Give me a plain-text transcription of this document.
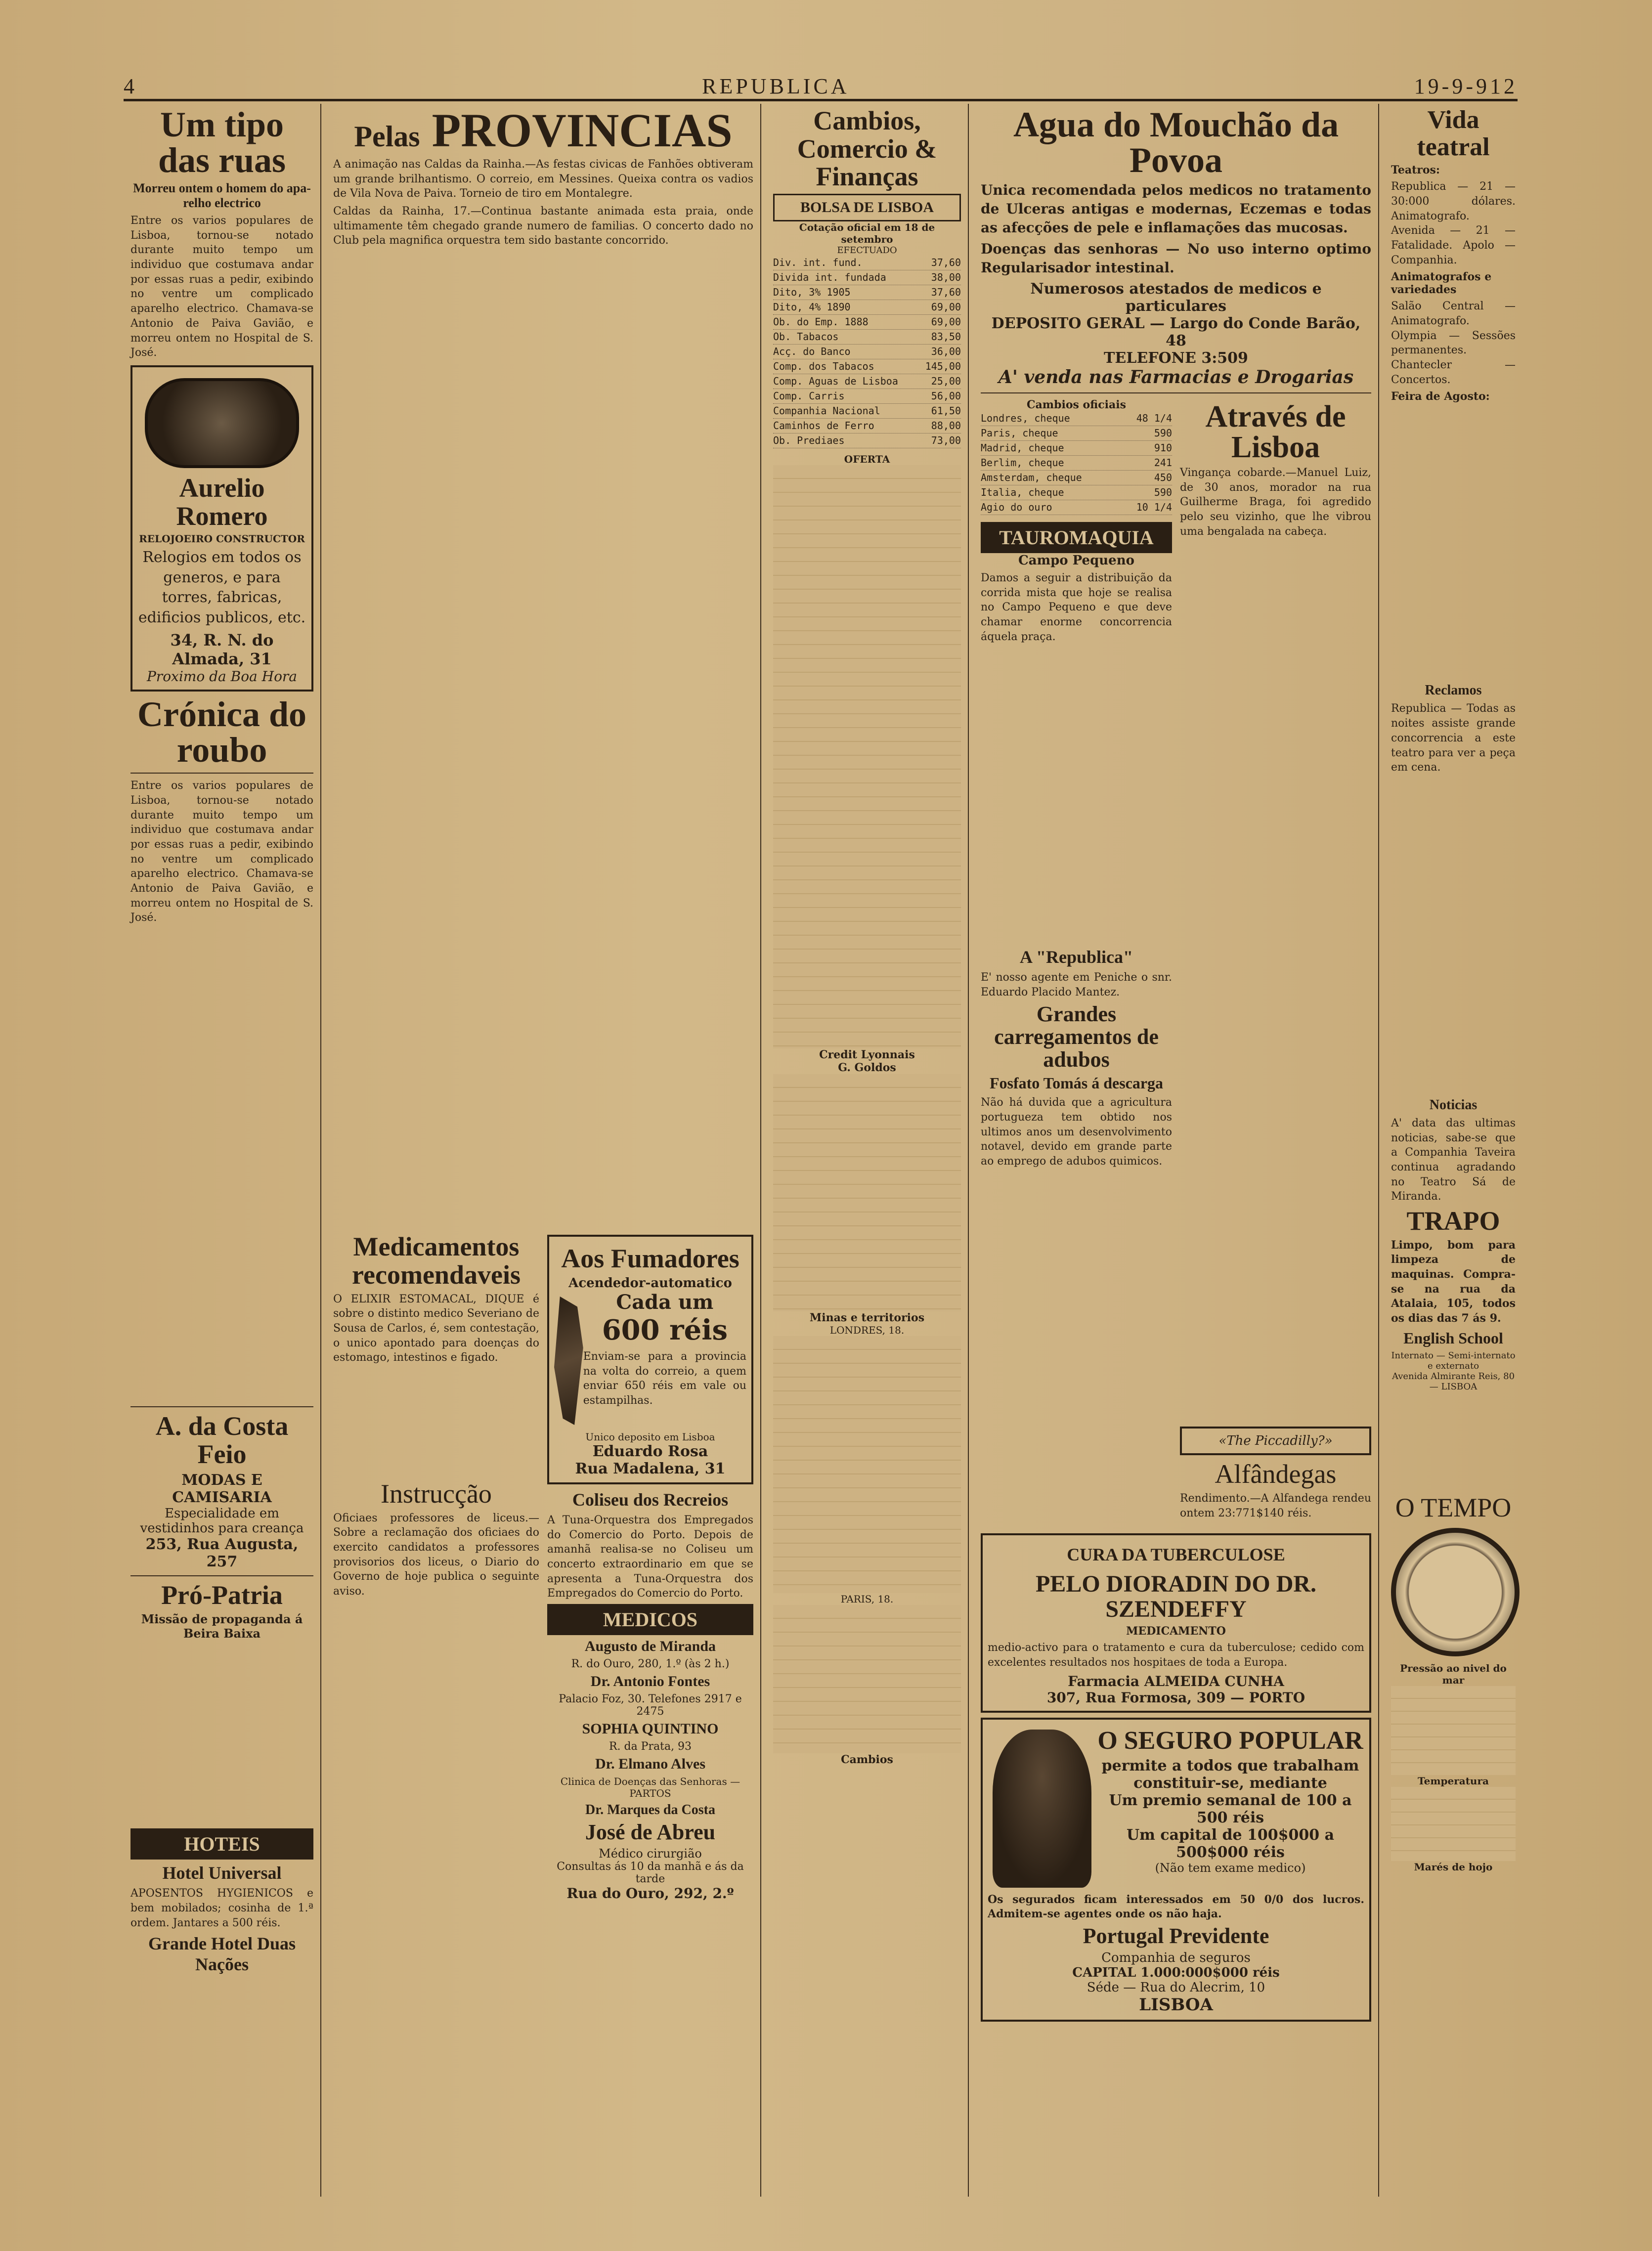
4	REPUBLICA	19-9-912
Um tipo das ruas
Morreu ontem o homem do apa-relho electrico

Entre os varios populares de Lisboa, tornou-se notado durante muito tempo um individuo que costumava andar por essas ruas a pedir, exibindo no ventre um complicado aparelho electrico. Chamava-se Antonio de Paiva Gavião, e morreu ontem no Hospital de S. José.

Aurelio Romero
RELOJOEIRO CONSTRUCTOR

Relogios em todos os generos, e para torres, fabricas, edificios publicos, etc.

34, R. N. do Almada, 31
Proximo da Boa Hora
Crónica do roubo

Entre os varios populares de Lisboa, tornou-se notado durante muito tempo um individuo que costumava andar por essas ruas a pedir, exibindo no ventre um complicado aparelho electrico. Chamava-se Antonio de Paiva Gavião, e morreu ontem no Hospital de S. José.

A. da Costa Feio
MODAS E CAMISARIA
Especialidade em vestidinhos para creança
253, Rua Augusta, 257
Pró-Patria
Missão de propaganda á Beira Baixa
HOTEIS
Hotel Universal

APOSENTOS HYGIENICOS e bem mobilados; cosinha de 1.ª ordem. Jantares a 500 réis.

Grande Hotel Duas Nações
Pelas PROVINCIAS

A animação nas Caldas da Rainha.—As festas civicas de Fanhões obtiveram um grande brilhantismo. O correio, em Messines. Queixa contra os vadios de Vila Nova de Paiva. Torneio de tiro em Montalegre.

Caldas da Rainha, 17.—Continua bastante animada esta praia, onde ultimamente têm chegado grande numero de familias. O concerto dado no Club pela magnifica orquestra tem sido bastante concorrido.

Medicamentos recomendaveis

O ELIXIR ESTOMACAL, DIQUE é sobre o distinto medico Severiano de Sousa de Carlos, é, sem contestação, o unico apontado para doenças do estomago, intestinos e figado.

Instrucção

Oficiaes professores de liceus.—Sobre a reclamação dos oficiaes do exercito candidatos a professores provisorios dos liceus, o Diario do Governo de hoje publica o seguinte aviso.

Aos Fumadores
Acendedor-automatico
Cada um
600 réis

Enviam-se para a provincia na volta do correio, a quem enviar 650 réis em vale ou estampilhas.

Unico deposito em Lisboa
Eduardo Rosa
Rua Madalena, 31
Coliseu dos Recreios

A Tuna-Orquestra dos Empregados do Comercio do Porto. Depois de amanhã realisa-se no Coliseu um concerto extraordinario em que se apresenta a Tuna-Orquestra dos Empregados do Comercio do Porto.

MEDICOS
Augusto de Miranda
R. do Ouro, 280, 1.º (às 2 h.)
Dr. Antonio Fontes
Palacio Foz, 30. Telefones 2917 e 2475
SOPHIA QUINTINO
R. da Prata, 93
Dr. Elmano Alves
Clinica de Doenças das Senhoras — PARTOS
Dr. Marques da Costa
José de Abreu
Médico cirurgião
Consultas ás 10 da manhã e ás da tarde
Rua do Ouro, 292, 2.º
Cambios, Comercio & Finanças
BOLSA DE LISBOA
Cotação oficial em 18 de setembro
EFECTUADO
Div. int. fund.	37,60
Divida int. fundada	38,00
Dito, 3% 1905	37,60
Dito, 4% 1890	69,00
Ob. do Emp. 1888	69,00
Ob. Tabacos	83,50
Acç. do Banco	36,00
Comp. dos Tabacos	145,00
Comp. Aguas de Lisboa	25,00
Comp. Carris	56,00
Companhia Nacional	61,50
Caminhos de Ferro	88,00
Ob. Prediaes	73,00
OFERTA
Credit Lyonnais
G. Goldos
Minas e territorios
LONDRES, 18.
PARIS, 18.
Cambios
Agua do Mouchão da Povoa

Unica recomendada pelos medicos no tratamento de Ulceras antigas e modernas, Eczemas e todas as afecções de pele e inflamações das mucosas.

Doenças das senhoras — No uso interno optimo Regularisador intestinal.

Numerosos atestados de medicos e particulares
DEPOSITO GERAL — Largo do Conde Barão, 48
TELEFONE 3:509
A' venda nas Farmacias e Drogarias
Cambios oficiais
Londres, cheque	48 1/4
Paris, cheque	590
Madrid, cheque	910
Berlim, cheque	241
Amsterdam, cheque	450
Italia, cheque	590
Agio do ouro	10 1/4
TAUROMAQUIA
Campo Pequeno

Damos a seguir a distribuição da corrida mista que hoje se realisa no Campo Pequeno e que deve chamar enorme concorrencia áquela praça.

A "Republica"

E' nosso agente em Peniche o snr. Eduardo Placido Mantez.

Grandes carregamentos de adubos
Fosfato Tomás á descarga

Não há duvida que a agricultura portugueza tem obtido nos ultimos anos um desenvolvimento notavel, devido em grande parte ao emprego de adubos quimicos.

Através de Lisboa

Vingança cobarde.—Manuel Luiz, de 30 anos, morador na rua Guilherme Braga, foi agredido pelo seu vizinho, que lhe vibrou uma bengalada na cabeça.

«The Piccadilly?»
Alfândegas

Rendimento.—A Alfandega rendeu ontem 23:771$140 réis.

CURA DA TUBERCULOSE
PELO DIORADIN DO DR. SZENDEFFY
MEDICAMENTO

medio-activo para o tratamento e cura da tuberculose; cedido com excelentes resultados nos hospitaes de toda a Europa.

Farmacia ALMEIDA CUNHA
307, Rua Formosa, 309 — PORTO
O SEGURO POPULAR
permite a todos que trabalham constituir-se, mediante
Um premio semanal de 100 a 500 réis
Um capital de 100$000 a 500$000 réis
(Não tem exame medico)

Os segurados ficam interessados em 50 0/0 dos lucros. Admitem-se agentes onde os não haja.

Portugal Previdente
Companhia de seguros
CAPITAL 1.000:000$000 réis
Séde — Rua do Alecrim, 10
LISBOA
Vida teatral
Teatros:

Republica — 21 — 30:000 dólares. Animatografo. Avenida — 21 — Fatalidade. Apolo — Companhia.

Animatografos e variedades

Salão Central — Animatografo. Olympia — Sessões permanentes. Chantecler — Concertos.

Feira de Agosto:
Reclamos

Republica — Todas as noites assiste grande concorrencia a este teatro para ver a peça em cena.

Noticias

A' data das ultimas noticias, sabe-se que a Companhia Taveira continua agradando no Teatro Sá de Miranda.

TRAPO

Limpo, bom para limpeza de maquinas. Compra-se na rua da Atalaia, 105, todos os dias das 7 ás 9.

English School
Internato — Semi-internato e externato
Avenida Almirante Reis, 80 — LISBOA
O TEMPO
Pressão ao nivel do mar
Temperatura
Marés de hojo
